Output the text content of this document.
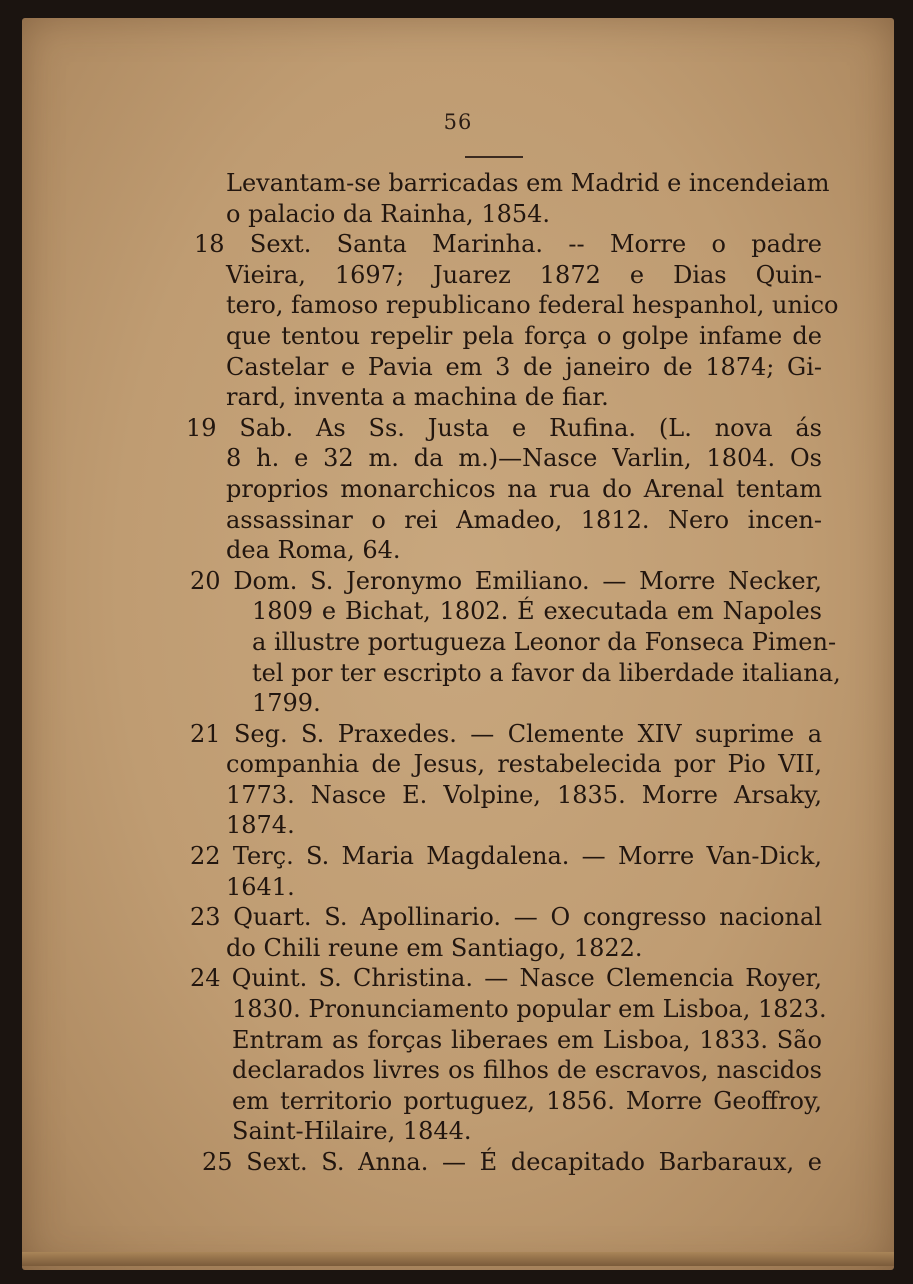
56
Levantam-se barricadas em Madrid e incendeiam
o palacio da Rainha, 1854.
18 Sext. Santa Marinha. -- Morre o padre
Vieira, 1697; Juarez 1872 e Dias Quin-
tero, famoso republicano federal hespanhol, unico
que tentou repelir pela força o golpe infame de
Castelar e Pavia em 3 de janeiro de 1874; Gi-
rard, inventa a machina de fiar.
19 Sab. As Ss. Justa e Rufina. (L. nova ás
8 h. e 32 m. da m.)—Nasce Varlin, 1804. Os
proprios monarchicos na rua do Arenal tentam
assassinar o rei Amadeo, 1812. Nero incen-
dea Roma, 64.
20 Dom. S. Jeronymo Emiliano. — Morre Necker,
1809 e Bichat, 1802. É executada em Napoles
a illustre portugueza Leonor da Fonseca Pimen-
tel por ter escripto a favor da liberdade italiana,
1799.
21 Seg. S. Praxedes. — Clemente XIV suprime a
companhia de Jesus, restabelecida por Pio VII,
1773. Nasce E. Volpine, 1835. Morre Arsaky,
1874.
22 Terç. S. Maria Magdalena. — Morre Van-Dick,
1641.
23 Quart. S. Apollinario. — O congresso nacional
do Chili reune em Santiago, 1822.
24 Quint. S. Christina. — Nasce Clemencia Royer,
1830. Pronunciamento popular em Lisboa, 1823.
Entram as forças liberaes em Lisboa, 1833. São
declarados livres os filhos de escravos, nascidos
em territorio portuguez, 1856. Morre Geoffroy,
Saint-Hilaire, 1844.
25 Sext. S. Anna. — É decapitado Barbaraux, e
